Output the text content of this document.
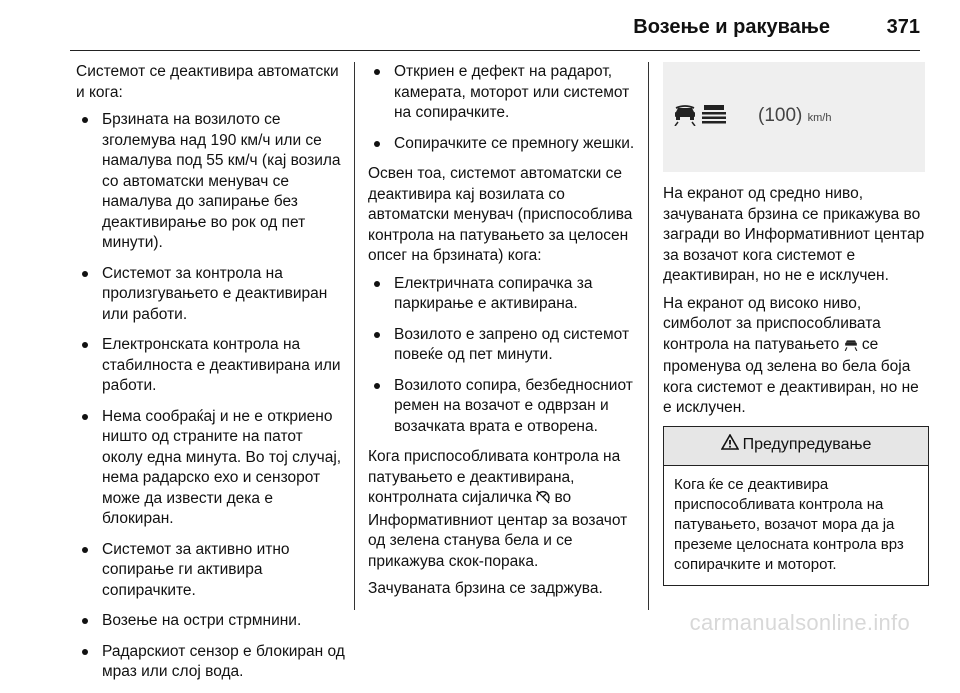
Возење и ракување	371

Системот се деактивира автоматски и кога:

Брзината на возилото се зголемува над 190 км/ч или се намалува под 55 км/ч (кај возила со автоматски менувач се намалува до запирање без деактивирање во рок од пет минути).
Системот за контрола на пролизгувањето е деактивиран или работи.
Електронската контрола на стабилноста е деактивирана или работи.
Нема сообраќај и не е откриено ништо од страните на патот околу една минута. Во тој случај, нема радарско ехо и сензорот може да извести дека е блокиран.
Системот за активно итно сопирање ги активира сопирачките.
Возење на остри стрмнини.
Радарскиот сензор е блокиран од мраз или слој вода.
Откриен е дефект на радарот, камерата, моторот или системот на сопирачките.
Сопирачките се премногу жешки.

Освен тоа, системот автоматски се деактивира кај возилата со автоматски менувач (приспособлива контрола на патувањето за целосен опсег на брзината) кога:

Електричната сопирачка за паркирање е активирана.
Возилото е запрено од системот повеќе од пет минути.
Возилото сопира, безбедносниот ремен на возачот е одврзан и возачката врата е отворена.

Кога приспособливата контрола на патувањето е деактивирана, контролната сијаличка во Информативниот центар за возачот од зелена станува бела и се прикажува скок-порака.

Зачуваната брзина се задржува.

(100) km/h

На екранот од средно ниво, зачуваната брзина се прикажува во загради во Информативниот центар за возачот кога системот е деактивиран, но не е исклучен.

На екранот од високо ниво, симболот за приспособливата контрола на патувањето се променува од зелена во бела боја кога системот е деактивиран, но не е исклучен.

Предупредување
Кога ќе се деактивира приспособливата контрола на патувањето, возачот мора да ја преземе целосната контрола врз сопирачките и моторот.
carmanualsonline.info
